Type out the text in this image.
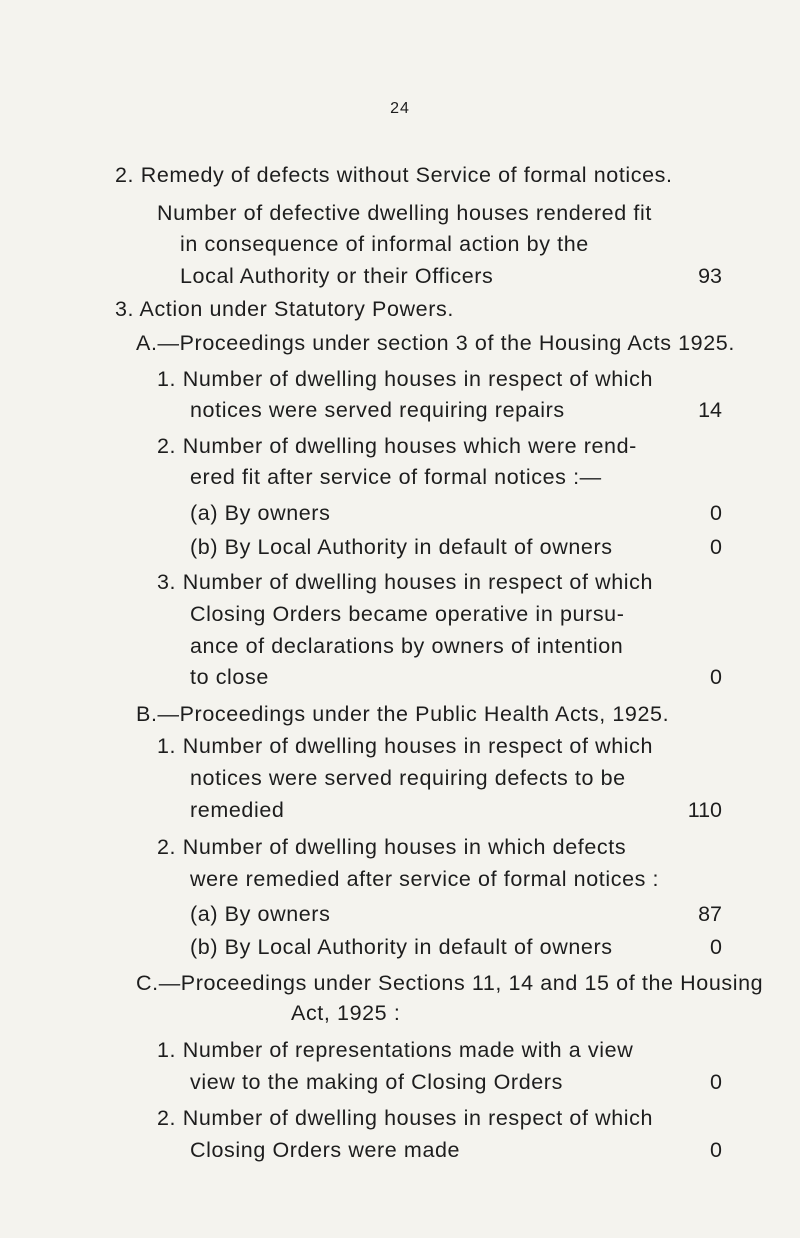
24
2. Remedy of defects without Service of formal notices.
Number of defective dwelling houses rendered fit
in consequence of informal action by the
Local Authority or their Officers	93
3. Action under Statutory Powers.
A.—Proceedings under section 3 of the Housing Acts 1925.
1. Number of dwelling houses in respect of which
notices were served requiring repairs	14
2. Number of dwelling houses which were rend-
ered fit after service of formal notices :—
(a) By owners	0
(b) By Local Authority in default of owners	0
3. Number of dwelling houses in respect of which
Closing Orders became operative in pursu-
ance of declarations by owners of intention
to close	0
B.—Proceedings under the Public Health Acts, 1925.
1. Number of dwelling houses in respect of which
notices were served requiring defects to be
remedied	110
2. Number of dwelling houses in which defects
were remedied after service of formal notices :
(a) By owners	87
(b) By Local Authority in default of owners	0
C.—Proceedings under Sections 11, 14 and 15 of the Housing
Act, 1925 :
1. Number of representations made with a view
view to the making of Closing Orders	0
2. Number of dwelling houses in respect of which
Closing Orders were made	0
